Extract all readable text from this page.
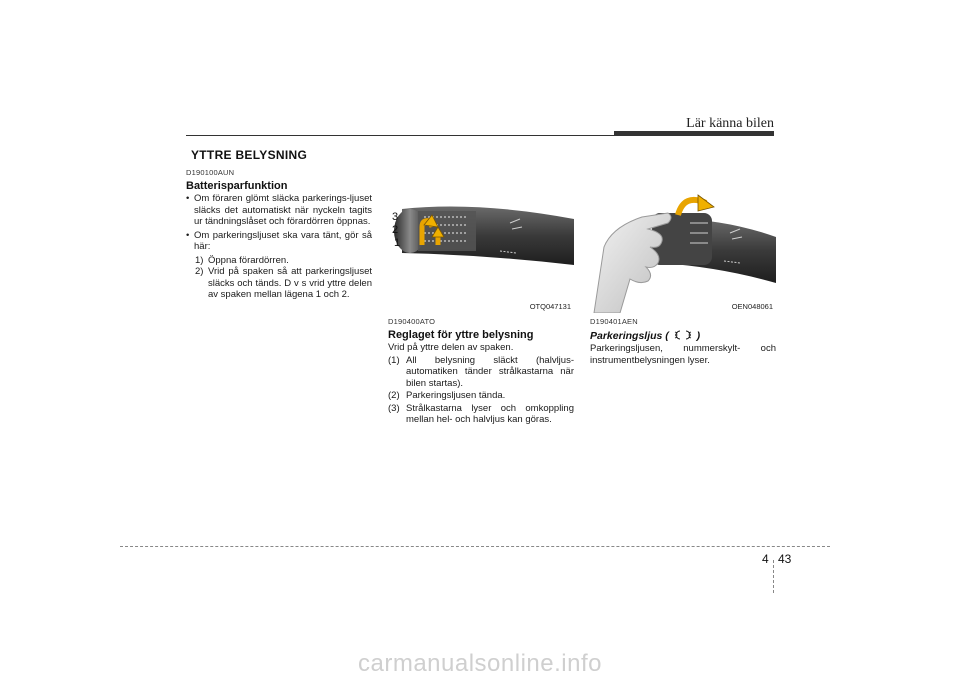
Lär känna bilen
YTTRE BELYSNING
D190100AUN
Batterisparfunktion
• Om föraren glömt släcka parkerings-ljuset släcks det automatiskt när nyckeln tagits ur tändningslåset och förardörren öppnas.
• Om parkeringsljuset ska vara tänt, gör så här:
1) Öppna förardörren.
2) Vrid på spaken så att parkeringsljuset släcks och tänds. D v s vrid yttre delen av spaken mellan lägena 1 och 2.
3
2
1
OTQ047131	OEN048061
D190400ATO
Reglaget för yttre belysning

Vrid på yttre delen av spaken.

(1) All belysning släckt (halvljus-automatiken tänder strålkastarna när bilen startas).
(2) Parkeringsljusen tända.
(3) Strålkastarna lyser och omkoppling mellan hel- och halvljus kan göras.
D190401AEN
Parkeringsljus (	)

Parkeringsljusen, nummerskylt- och instrumentbelysningen lyser.

4 43
carmanualsonline.info
